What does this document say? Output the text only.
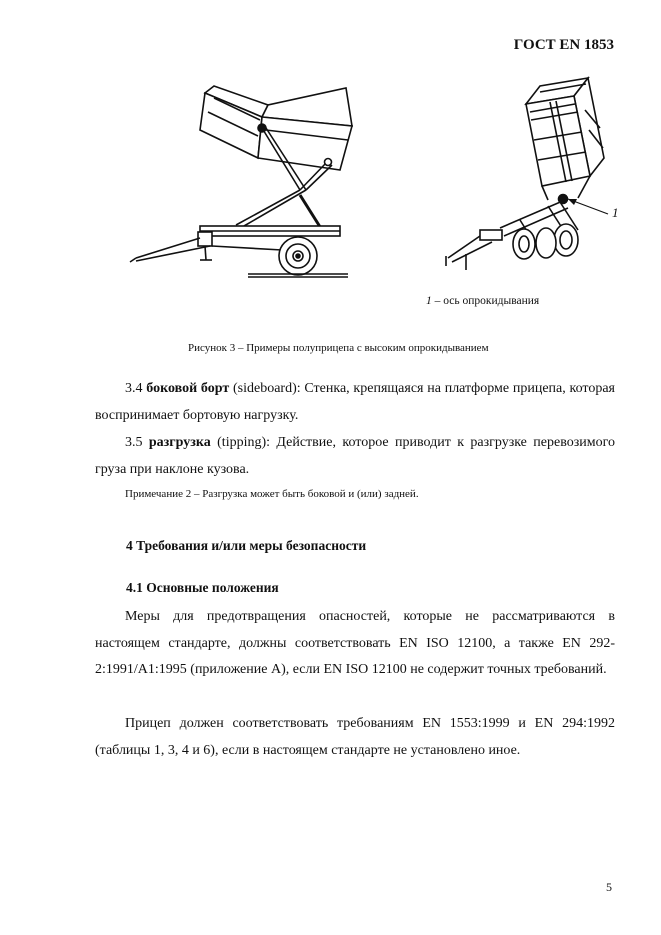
ГОСТ EN 1853
1
1 – ось опрокидывания
Рисунок 3 – Примеры полуприцепа с высоким опрокидыванием
3.4 боковой борт (sideboard): Стенка, крепящаяся на платформе прицепа, которая воспринимает бортовую нагрузку.
3.5 разгрузка (tipping): Действие, которое приводит к разгрузке перевозимого груза при наклоне кузова.
Примечание 2 – Разгрузка может быть боковой и (или) задней.
4 Требования и/или меры безопасности
4.1 Основные положения
Меры для предотвращения опасностей, которые не рассматриваются в настоящем стандарте, должны соответствовать EN ISO 12100, а также EN 292-2:1991/A1:1995 (приложение А), если EN ISO 12100 не содержит точных требований.
Прицеп должен соответствовать требованиям EN 1553:1999 и EN 294:1992 (таблицы 1, 3, 4 и 6), если в настоящем стандарте не установлено иное.
5
